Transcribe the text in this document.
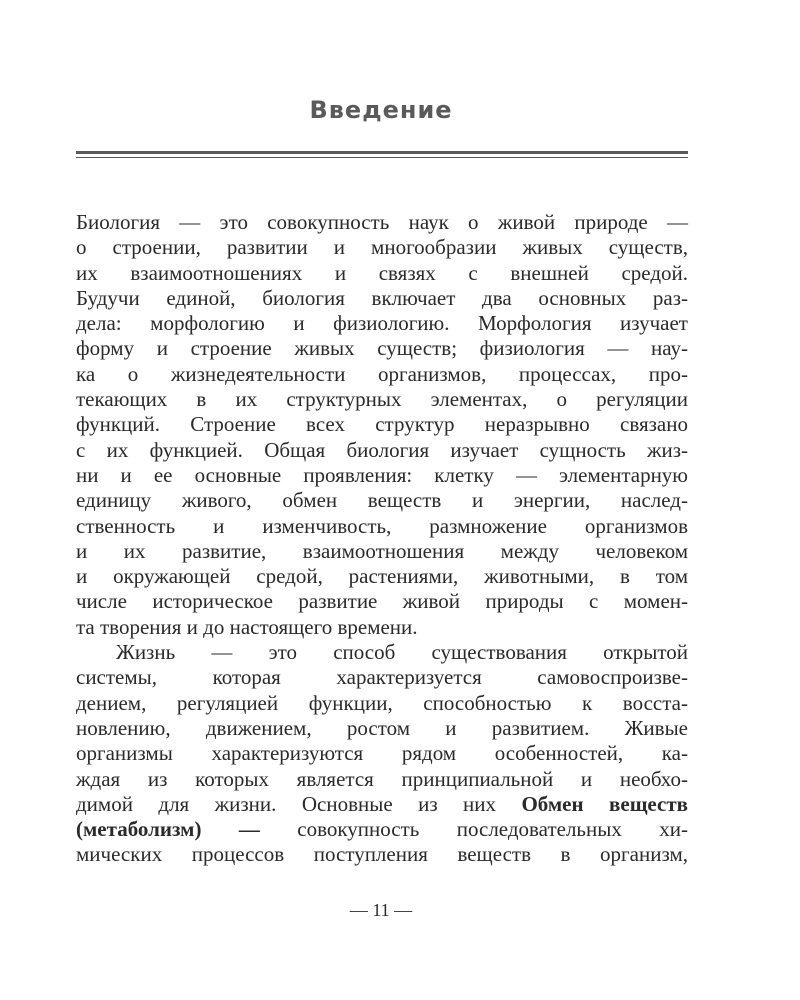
Введение
Биология — это совокупность наук о живой природе —
о строении, развитии и многообразии живых существ,
их взаимоотношениях и связях с внешней средой.
Будучи единой, биология включает два основных раз-
дела: морфологию и физиологию. Морфология изучает
форму и строение живых существ; физиология — нау-
ка о жизнедеятельности организмов, процессах, про-
текающих в их структурных элементах, о регуляции
функций. Строение всех структур неразрывно связано
с их функцией. Общая биология изучает сущность жиз-
ни и ее основные проявления: клетку — элементарную
единицу живого, обмен веществ и энергии, наслед-
ственность и изменчивость, размножение организмов
и их развитие, взаимоотношения между человеком
и окружающей средой, растениями, животными, в том
числе историческое развитие живой природы с момен-
та творения и до настоящего времени.
Жизнь — это способ существования открытой
системы, которая характеризуется самовоспроизве-
дением, регуляцией функции, способностью к восста-
новлению, движением, ростом и развитием. Живые
организмы характеризуются рядом особенностей, ка-
ждая из которых является принципиальной и необхо-
димой для жизни. Основные из них Обмен веществ
(метаболизм) — совокупность последовательных хи-
мических процессов поступления веществ в организм,
— 11 —
